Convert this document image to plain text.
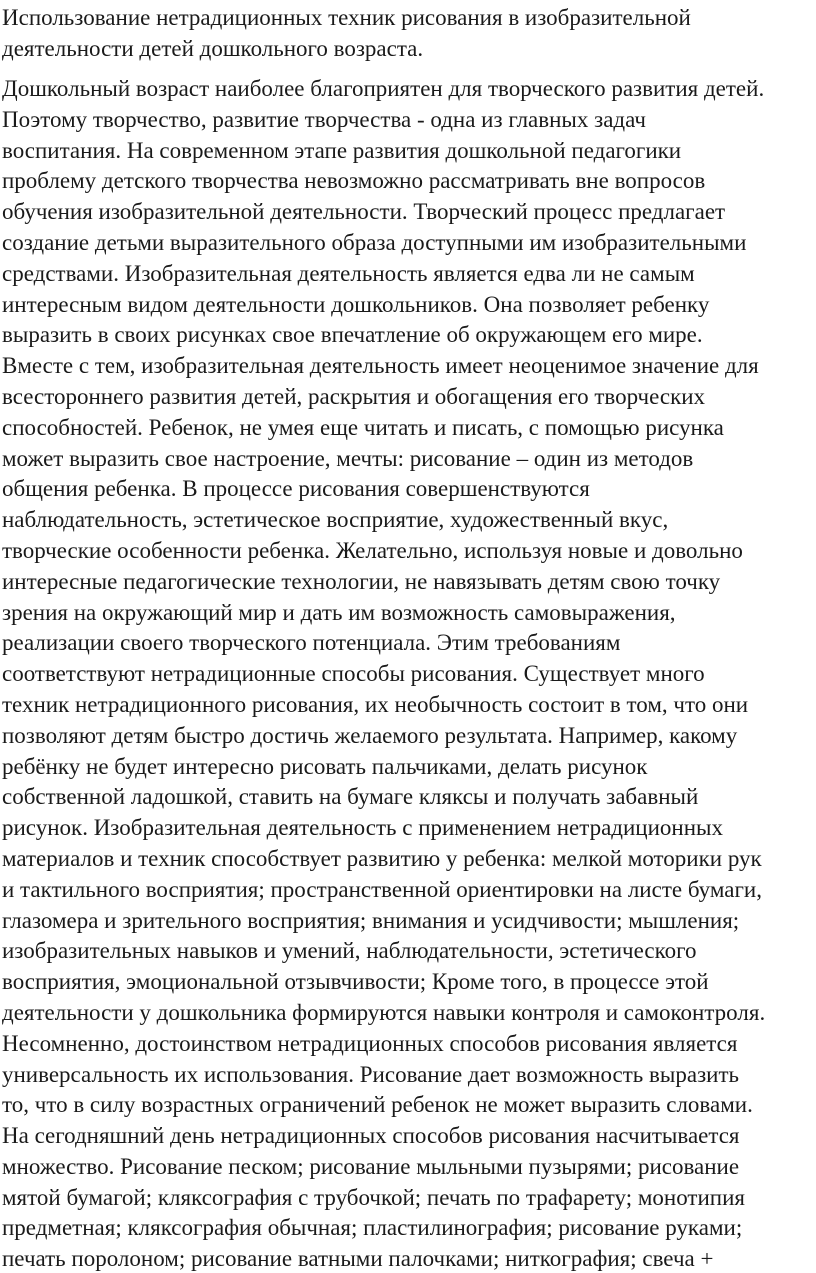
Использование нетрадиционных техник рисования в изобразительной
деятельности детей дошкольного возраста.

Дошкольный возраст наиболее благоприятен для творческого развития детей.
Поэтому творчество, развитие творчества - одна из главных задач
воспитания. На современном этапе развития дошкольной педагогики
проблему детского творчества невозможно рассматривать вне вопросов
обучения изобразительной деятельности. Творческий процесс предлагает
создание детьми выразительного образа доступными им изобразительными
средствами. Изобразительная деятельность является едва ли не самым
интересным видом деятельности дошкольников. Она позволяет ребенку
выразить в своих рисунках свое впечатление об окружающем его мире.
Вместе с тем, изобразительная деятельность имеет неоценимое значение для
всестороннего развития детей, раскрытия и обогащения его творческих
способностей. Ребенок, не умея еще читать и писать, с помощью рисунка
может выразить свое настроение, мечты: рисование – один из методов
общения ребенка. В процессе рисования совершенствуются
наблюдательность, эстетическое восприятие, художественный вкус,
творческие особенности ребенка. Желательно, используя новые и довольно
интересные педагогические технологии, не навязывать детям свою точку
зрения на окружающий мир и дать им возможность самовыражения,
реализации своего творческого потенциала. Этим требованиям
соответствуют нетрадиционные способы рисования. Существует много
техник нетрадиционного рисования, их необычность состоит в том, что они
позволяют детям быстро достичь желаемого результата. Например, какому
ребёнку не будет интересно рисовать пальчиками, делать рисунок
собственной ладошкой, ставить на бумаге кляксы и получать забавный
рисунок. Изобразительная деятельность с применением нетрадиционных
материалов и техник способствует развитию у ребенка: мелкой моторики рук
и тактильного восприятия; пространственной ориентировки на листе бумаги,
глазомера и зрительного восприятия; внимания и усидчивости; мышления;
изобразительных навыков и умений, наблюдательности, эстетического
восприятия, эмоциональной отзывчивости; Кроме того, в процессе этой
деятельности у дошкольника формируются навыки контроля и самоконтроля.
Несомненно, достоинством нетрадиционных способов рисования является
универсальность их использования. Рисование дает возможность выразить
то, что в силу возрастных ограничений ребенок не может выразить словами.
На сегодняшний день нетрадиционных способов рисования насчитывается
множество. Рисование песком; рисование мыльными пузырями; рисование
мятой бумагой; кляксография с трубочкой; печать по трафарету; монотипия
предметная; кляксография обычная; пластилинография; рисование руками;
печать поролоном; рисование ватными палочками; ниткография; свеча +
